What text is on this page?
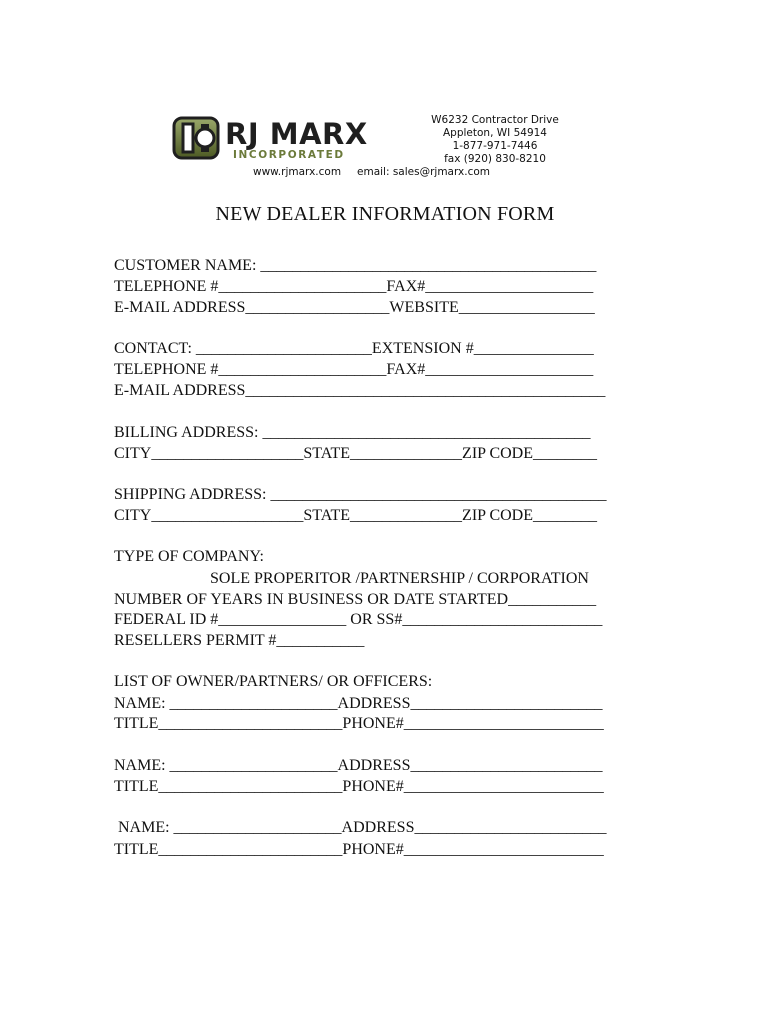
RJ MARX
INCORPORATED
W6232 Contractor Drive
Appleton, WI 54914
1-877-971-7446
fax (920) 830-8210
www.rjmarx.com email: sales@rjmarx.com
NEW DEALER INFORMATION FORM
CUSTOMER NAME: __________________________________________
TELEPHONE #_____________________FAX#_____________________
E-MAIL ADDRESS__________________WEBSITE_________________
CONTACT: ______________________EXTENSION #_______________
TELEPHONE #_____________________FAX#_____________________
E-MAIL ADDRESS_____________________________________________
BILLING ADDRESS: _________________________________________
CITY___________________STATE______________ZIP CODE________
SHIPPING ADDRESS: __________________________________________
CITY___________________STATE______________ZIP CODE________
TYPE OF COMPANY:
SOLE PROPERITOR /PARTNERSHIP / CORPORATION
NUMBER OF YEARS IN BUSINESS OR DATE STARTED___________
FEDERAL ID #________________ OR SS#_________________________
RESELLERS PERMIT #___________
LIST OF OWNER/PARTNERS/ OR OFFICERS:
NAME: _____________________ADDRESS________________________
TITLE_______________________PHONE#_________________________
NAME: _____________________ADDRESS________________________
TITLE_______________________PHONE#_________________________
NAME: _____________________ADDRESS________________________
TITLE_______________________PHONE#_________________________
